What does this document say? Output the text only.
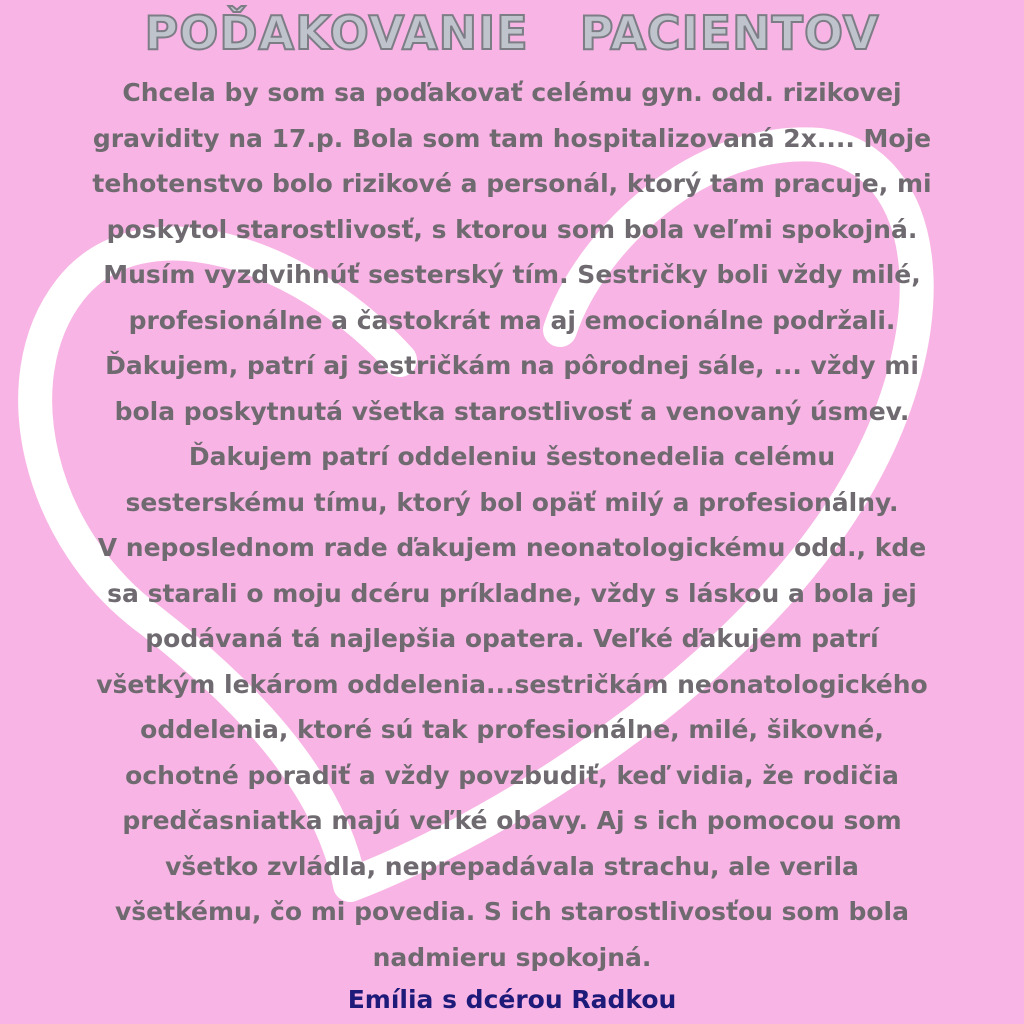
POĎAKOVANIE   PACIENTOV
Chcela by som sa poďakovať celému gyn. odd. rizikovej
gravidity na 17.p. Bola som tam hospitalizovaná 2x.... Moje
tehotenstvo bolo rizikové a personál, ktorý tam pracuje, mi
poskytol starostlivosť, s ktorou som bola veľmi spokojná.
Musím vyzdvihnúť sesterský tím. Sestričky boli vždy milé,
profesionálne a častokrát ma aj emocionálne podržali.
Ďakujem, patrí aj sestričkám na pôrodnej sále, ... vždy mi
bola poskytnutá všetka starostlivosť a venovaný úsmev.
Ďakujem patrí oddeleniu šestonedelia celému
sesterskému tímu, ktorý bol opäť milý a profesionálny.
V neposlednom rade ďakujem neonatologickému odd., kde
sa starali o moju dcéru príkladne, vždy s láskou a bola jej
podávaná tá najlepšia opatera. Veľké ďakujem patrí
všetkým lekárom oddelenia...sestričkám neonatologického
oddelenia, ktoré sú tak profesionálne, milé, šikovné,
ochotné poradiť a vždy povzbudiť, keď vidia, že rodičia
predčasniatka majú veľké obavy. Aj s ich pomocou som
všetko zvládla, neprepadávala strachu, ale verila
všetkému, čo mi povedia. S ich starostlivosťou som bola
nadmieru spokojná.
Emília s dcérou Radkou
